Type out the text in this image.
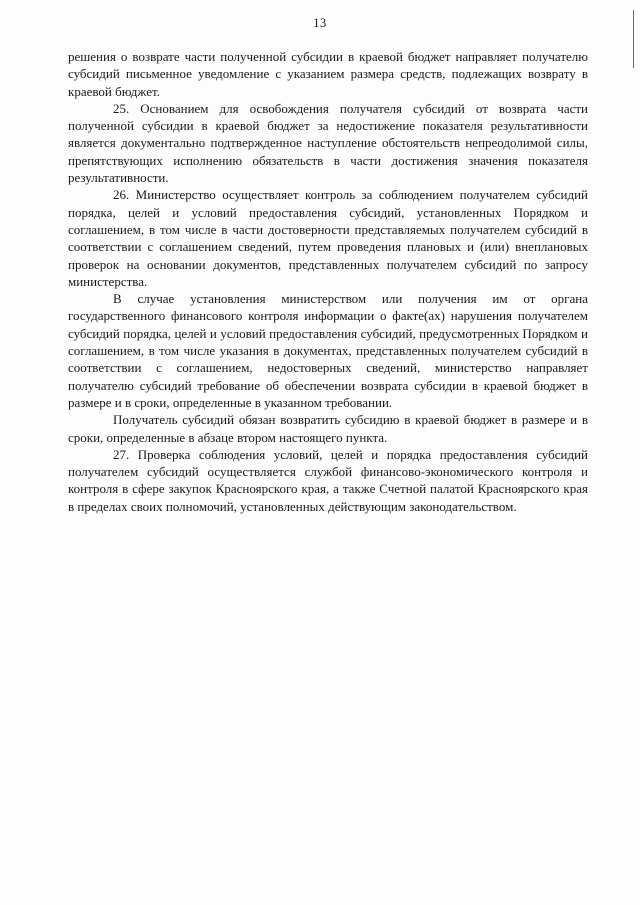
13

решения о возврате части полученной субсидии в краевой бюджет направляет получателю субсидий письменное уведомление с указанием размера средств, подлежащих возврату в краевой бюджет.

25. Основанием для освобождения получателя субсидий от возврата части полученной субсидии в краевой бюджет за недостижение показателя результативности является документально подтвержденное наступление обстоятельств непреодолимой силы, препятствующих исполнению обязательств в части достижения значения показателя результативности.

26. Министерство осуществляет контроль за соблюдением получателем субсидий порядка, целей и условий предоставления субсидий, установленных Порядком и соглашением, в том числе в части достоверности представляемых получателем субсидий в соответствии с соглашением сведений, путем проведения плановых и (или) внеплановых проверок на основании документов, представленных получателем субсидий по запросу министерства.

В случае установления министерством или получения им от органа государственного финансового контроля информации о факте(ах) нарушения получателем субсидий порядка, целей и условий предоставления субсидий, предусмотренных Порядком и соглашением, в том числе указания в документах, представленных получателем субсидий в соответствии с соглашением, недостоверных сведений, министерство направляет получателю субсидий требование об обеспечении возврата субсидии в краевой бюджет в размере и в сроки, определенные в указанном требовании.

Получатель субсидий обязан возвратить субсидию в краевой бюджет в размере и в сроки, определенные в абзаце втором настоящего пункта.

27. Проверка соблюдения условий, целей и порядка предоставления субсидий получателем субсидий осуществляется службой финансово-экономического контроля и контроля в сфере закупок Красноярского края, а также Счетной палатой Красноярского края в пределах своих полномочий, установленных действующим законодательством.
